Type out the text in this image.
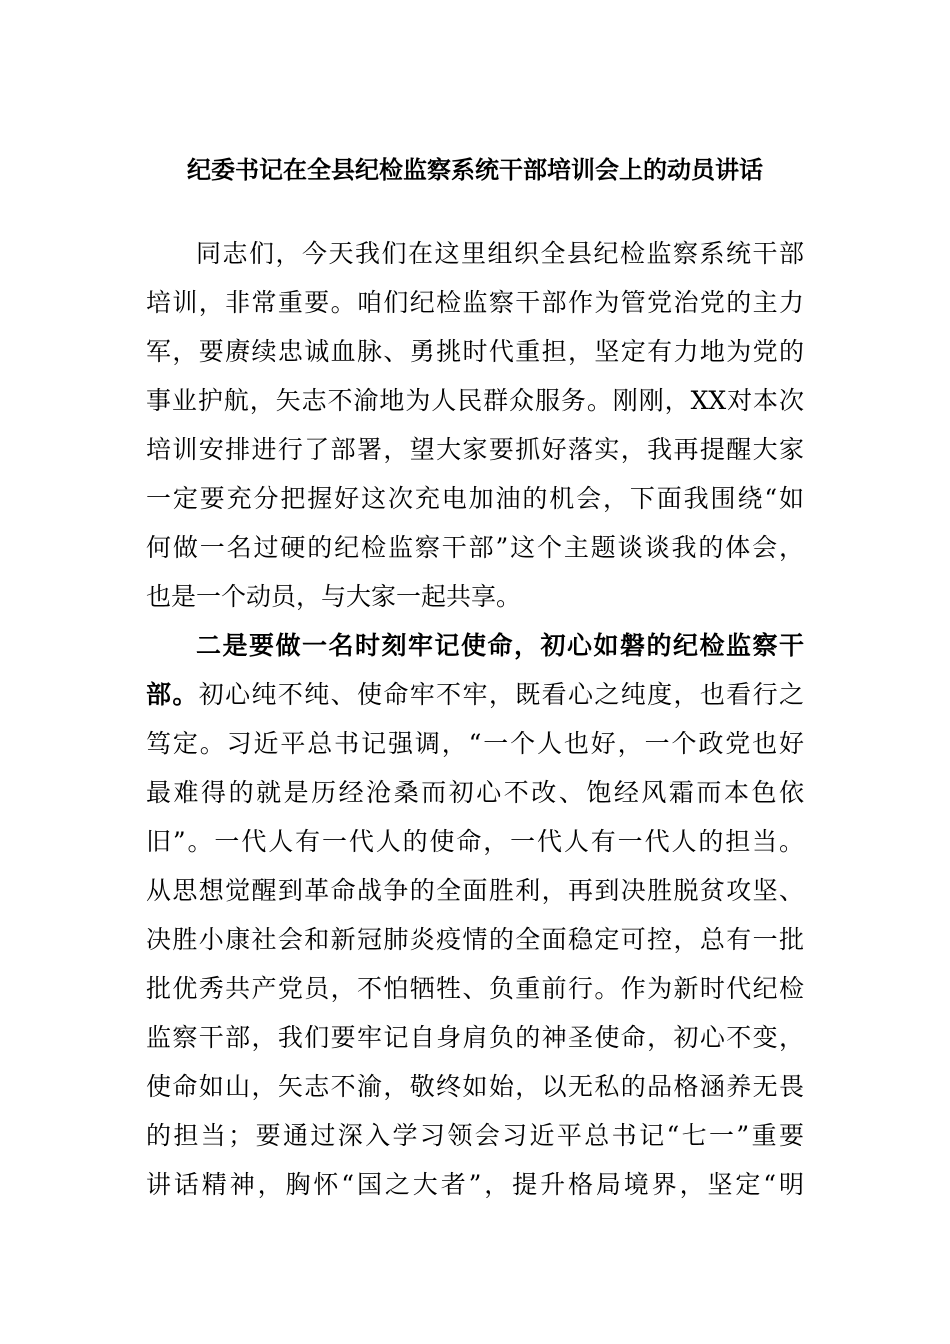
纪委书记在全县纪检监察系统干部培训会上的动员讲话
同志们，今天我们在这里组织全县纪检监察系统干部
培训，非常重要。咱们纪检监察干部作为管党治党的主力
军，要赓续忠诚血脉、勇挑时代重担，坚定有力地为党的
事业护航，矢志不渝地为人民群众服务。刚刚，XX对本次
培训安排进行了部署，望大家要抓好落实，我再提醒大家
一定要充分把握好这次充电加油的机会，下面我围绕“如
何做一名过硬的纪检监察干部”这个主题谈谈我的体会，
也是一个动员，与大家一起共享。
二是要做一名时刻牢记使命，初心如磐的纪检监察干
部。初心纯不纯、使命牢不牢，既看心之纯度，也看行之
笃定。习近平总书记强调，“一个人也好，一个政党也好
最难得的就是历经沧桑而初心不改、饱经风霜而本色依
旧”。一代人有一代人的使命，一代人有一代人的担当。
从思想觉醒到革命战争的全面胜利，再到决胜脱贫攻坚、
决胜小康社会和新冠肺炎疫情的全面稳定可控，总有一批
批优秀共产党员，不怕牺牲、负重前行。作为新时代纪检
监察干部，我们要牢记自身肩负的神圣使命，初心不变，
使命如山，矢志不渝，敬终如始，以无私的品格涵养无畏
的担当；要通过深入学习领会习近平总书记“七一”重要
讲话精神，胸怀“国之大者”，提升格局境界，坚定“明
